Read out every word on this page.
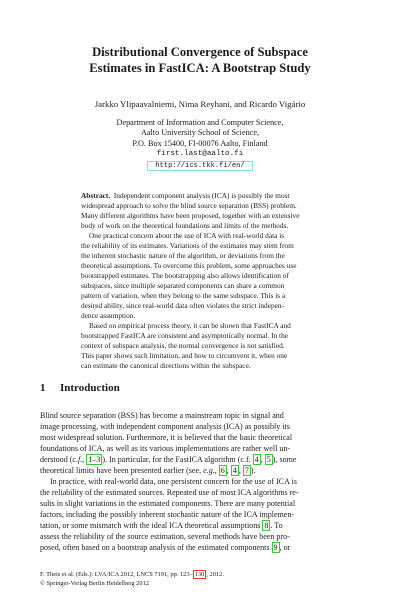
Distributional Convergence of Subspace
Estimates in FastICA: A Bootstrap Study
Jarkko Ylipaavalniemi, Nima Reyhani, and Ricardo Vigário
Department of Information and Computer Science,
Aalto University School of Science,
P.O. Box 15400, FI-00076 Aalto, Finland
first.last@aalto.fi
http://ics.tkk.fi/en/
Abstract. Independent component analysis (ICA) is possibly the most
widespread approach to solve the blind source separation (BSS) problem.
Many different algorithms have been proposed, together with an extensive
body of work on the theoretical foundations and limits of the methods.
One practical concern about the use of ICA with real-world data is
the reliability of its estimates. Variations of the estimates may stem from
the inherent stochastic nature of the algorithm, or deviations from the
theoretical assumptions. To overcome this problem, some approaches use
bootstrapped estimates. The bootstrapping also allows identification of
subspaces, since multiple separated components can share a common
pattern of variation, when they belong to the same subspace. This is a
desired ability, since real-world data often violates the strict indepen-
dence assumption.
Based on empirical process theory, it can be shown that FastICA and
bootstrapped FastICA are consistent and asymptotically normal. In the
context of subspace analysis, the normal convergence is not satisfied.
This paper shows such limitation, and how to circumvent it, when one
can estimate the canonical directions within the subspace.
1 Introduction
Blind source separation (BSS) has become a mainstream topic in signal and
image processing, with independent component analysis (ICA) as possibly its
most widespread solution. Furthermore, it is believed that the basic theoretical
foundations of ICA, as well as its various implementations are rather well un-
derstood (c.f., 1–3 ). In particular, for the FastICA algorithm (c.f. 4 , 5 ), some
theoretical limits have been presented earlier (see, e.g., 6 , 4 , 7 ).
In practice, with real-world data, one persistent concern for the use of ICA is
the reliability of the estimated sources. Repeated use of most ICA algorithms re-
sults in slight variations in the estimated components. There are many potential
factors, including the possibly inherent stochastic nature of the ICA implemen-
tation, or some mismatch with the ideal ICA theoretical assumptions 8 . To
assess the reliability of the source estimation, several methods have been pro-
posed, often based on a bootstrap analysis of the estimated components 9 , or
F. Theis et al. (Eds.): LVA/ICA 2012, LNCS 7191, pp. 123– 130 , 2012.
© Springer-Verlag Berlin Heidelberg 2012
